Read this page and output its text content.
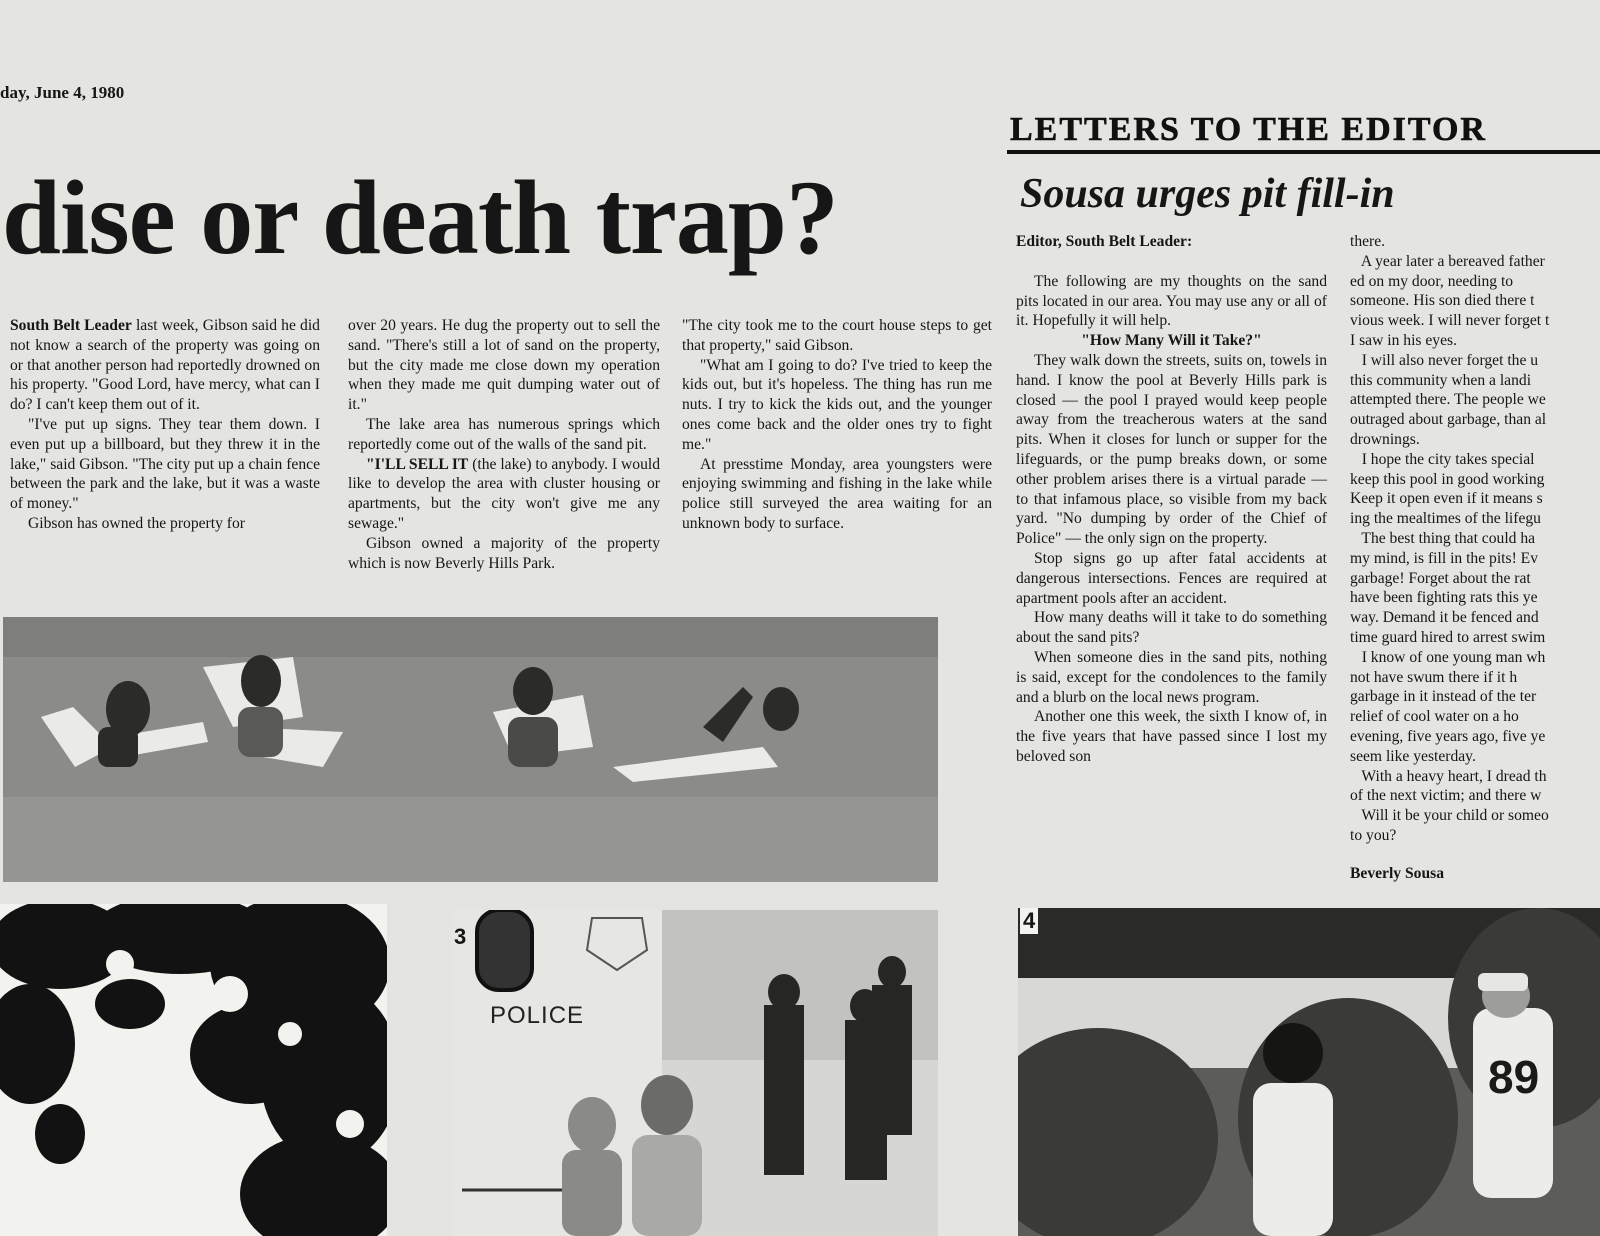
day, June 4, 1980
dise or death trap?
LETTERS TO THE EDITOR
Sousa urges pit fill-in

South Belt Leader last week, Gibson said he did not know a search of the property was going on or that another person had reportedly drowned on his property. "Good Lord, have mercy, what can I do? I can't keep them out of it.

"I've put up signs. They tear them down. I even put up a billboard, but they threw it in the lake," said Gibson. "The city put up a chain fence between the park and the lake, but it was a waste of money."

Gibson has owned the property for

over 20 years. He dug the property out to sell the sand. "There's still a lot of sand on the property, but the city made me close down my operation when they made me quit dumping water out of it."

The lake area has numerous springs which reportedly come out of the walls of the sand pit.

"I'LL SELL IT (the lake) to anybody. I would like to develop the area with cluster housing or apartments, but the city won't give me any sewage."

Gibson owned a majority of the property which is now Beverly Hills Park.

"The city took me to the court house steps to get that property," said Gibson.

"What am I going to do? I've tried to keep the kids out, but it's hopeless. The thing has run me nuts. I try to kick the kids out, and the younger ones come back and the older ones try to fight me."

At presstime Monday, area youngsters were enjoying swimming and fishing in the lake while police still surveyed the area waiting for an unknown body to surface.

Editor, South Belt Leader:

The following are my thoughts on the sand pits located in our area. You may use any or all of it. Hopefully it will help.

"How Many Will it Take?"

They walk down the streets, suits on, towels in hand. I know the pool at Beverly Hills park is closed — the pool I prayed would keep people away from the treacherous waters at the sand pits. When it closes for lunch or supper for the lifeguards, or the pump breaks down, or some other problem arises there is a virtual parade — to that infamous place, so visible from my back yard. "No dumping by order of the Chief of Police" — the only sign on the property.

Stop signs go up after fatal accidents at dangerous intersections. Fences are required at apartment pools after an accident.

How many deaths will it take to do something about the sand pits?

When someone dies in the sand pits, nothing is said, except for the condolences to the family and a blurb on the local news program.

Another one this week, the sixth I know of, in the five years that have passed since I lost my beloved son

there.
A year later a bereaved father
ed on my door, needing to
someone. His son died there t
vious week. I will never forget t
I saw in his eyes.
I will also never forget the u
this community when a landi
attempted there. The people we
outraged about garbage, than al
drownings.
I hope the city takes special
keep this pool in good working
Keep it open even if it means s
ing the mealtimes of the lifegu
The best thing that could ha
my mind, is fill in the pits! Ev
garbage! Forget about the rat
have been fighting rats this ye
way. Demand it be fenced and
time guard hired to arrest swim
I know of one young man wh
not have swum there if it h
garbage in it instead of the ter
relief of cool water on a ho
evening, five years ago, five ye
seem like yesterday.
With a heavy heart, I dread th
of the next victim; and there w
Will it be your child or someo
to you?

Beverly Sousa

3
POLICE
89
4
